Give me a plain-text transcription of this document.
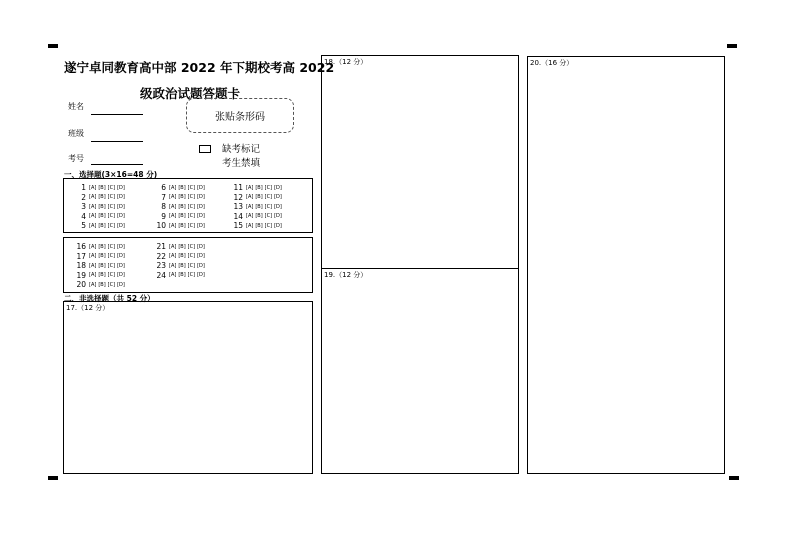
遂宁卓同教育高中部 2022 年下期校考高 2022
级政治试题答题卡
姓名
班级
考号
张贴条形码
缺考标记
考生禁填
一、选择题(3×16=48 分)
1 [A] [B] [C] [D]
2 [A] [B] [C] [D]
3 [A] [B] [C] [D]
4 [A] [B] [C] [D]
5 [A] [B] [C] [D]
6 [A] [B] [C] [D]
7 [A] [B] [C] [D]
8 [A] [B] [C] [D]
9 [A] [B] [C] [D]
10 [A] [B] [C] [D]
11 [A] [B] [C] [D]
12 [A] [B] [C] [D]
13 [A] [B] [C] [D]
14 [A] [B] [C] [D]
15 [A] [B] [C] [D]
16 [A] [B] [C] [D]
17 [A] [B] [C] [D]
18 [A] [B] [C] [D]
19 [A] [B] [C] [D]
20 [A] [B] [C] [D]
21 [A] [B] [C] [D]
22 [A] [B] [C] [D]
23 [A] [B] [C] [D]
24 [A] [B] [C] [D]
二、非选择题（共 52 分）
17.（12 分）
18.（12 分）
19.（12 分）
20.（16 分）
